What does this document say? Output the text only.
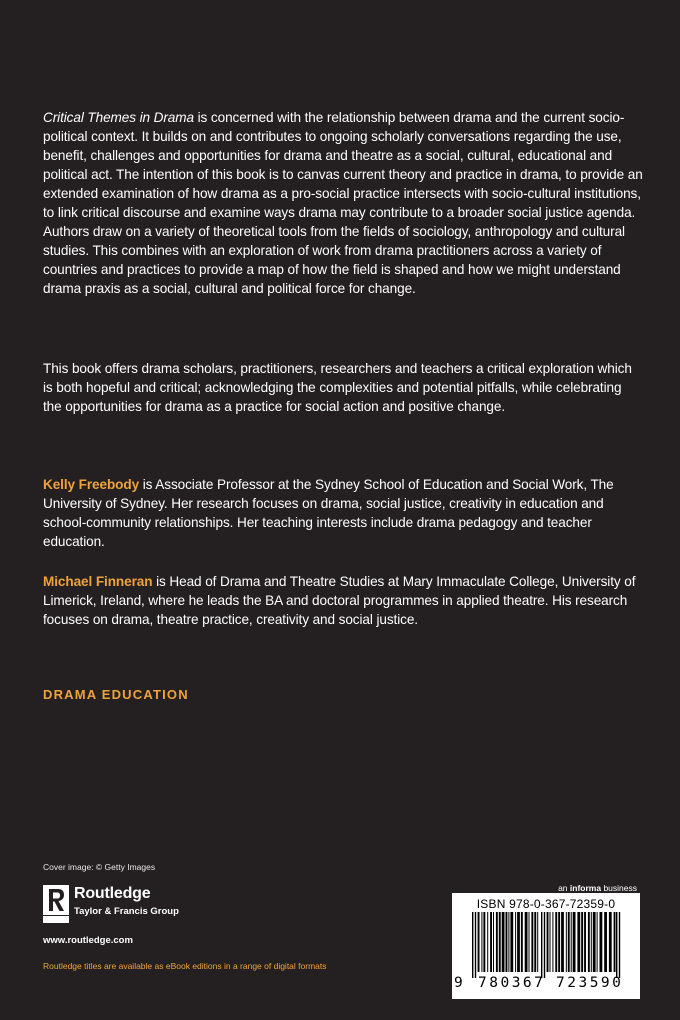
Critical Themes in Drama is concerned with the relationship between drama and the current socio-political context. It builds on and contributes to ongoing scholarly conversations regarding the use, benefit, challenges and opportunities for drama and theatre as a social, cultural, educational and political act. The intention of this book is to canvas current theory and practice in drama, to provide an extended examination of how drama as a pro-social practice intersects with socio-cultural institutions, to link critical discourse and examine ways drama may contribute to a broader social justice agenda. Authors draw on a variety of theoretical tools from the fields of sociology, anthropology and cultural studies. This combines with an exploration of work from drama practitioners across a variety of countries and practices to provide a map of how the field is shaped and how we might understand drama praxis as a social, cultural and political force for change.

This book offers drama scholars, practitioners, researchers and teachers a critical exploration which is both hopeful and critical; acknowledging the complexities and potential pitfalls, while celebrating the opportunities for drama as a practice for social action and positive change.

Kelly Freebody is Associate Professor at the Sydney School of Education and Social Work, The University of Sydney. Her research focuses on drama, social justice, creativity in education and school-community relationships. Her teaching interests include drama pedagogy and teacher education.

Michael Finneran is Head of Drama and Theatre Studies at Mary Immaculate College, University of Limerick, Ireland, where he leads the BA and doctoral programmes in applied theatre. His research focuses on drama, theatre practice, creativity and social justice.

DRAMA EDUCATION
Cover image: © Getty Images
Routledge
Taylor & Francis Group
www.routledge.com
Routledge titles are available as eBook editions in a range of digital formats
an informa business
ISBN 978-0-367-72359-0
9 780367 723590
